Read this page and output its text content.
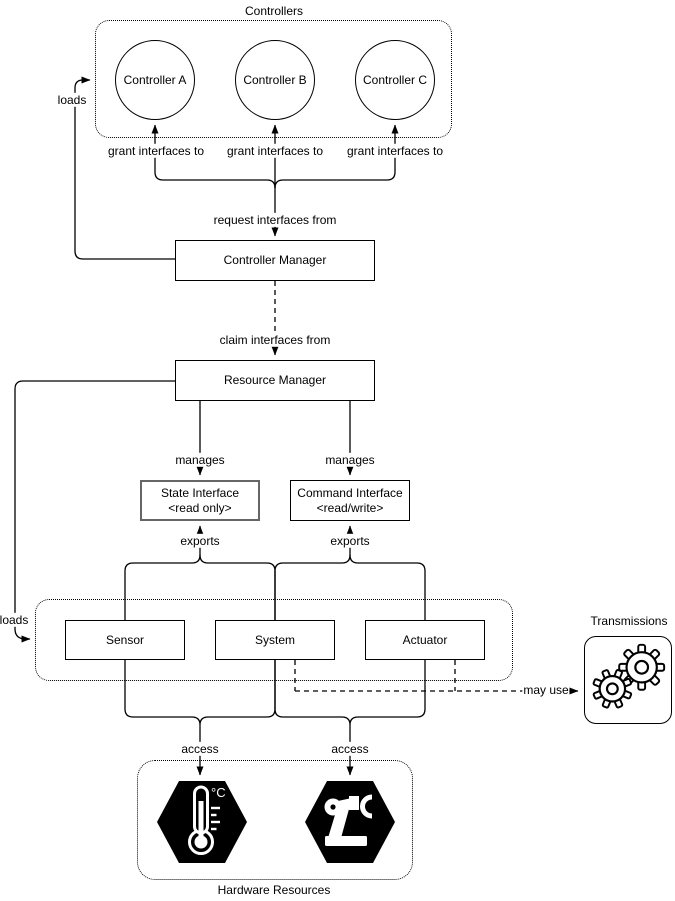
°C
Controller A	Controller B	Controller C
Controller Manager
Resource Manager
State Interface
<read only>
Command Interface
<read/write>
Sensor	System	Actuator
Controllers
loads
grant interfaces to grant interfaces to grant interfaces to
request interfaces from
claim interfaces from
manages	manages
exports	exports
loads
may use
Transmissions
access	access
Hardware Resources
